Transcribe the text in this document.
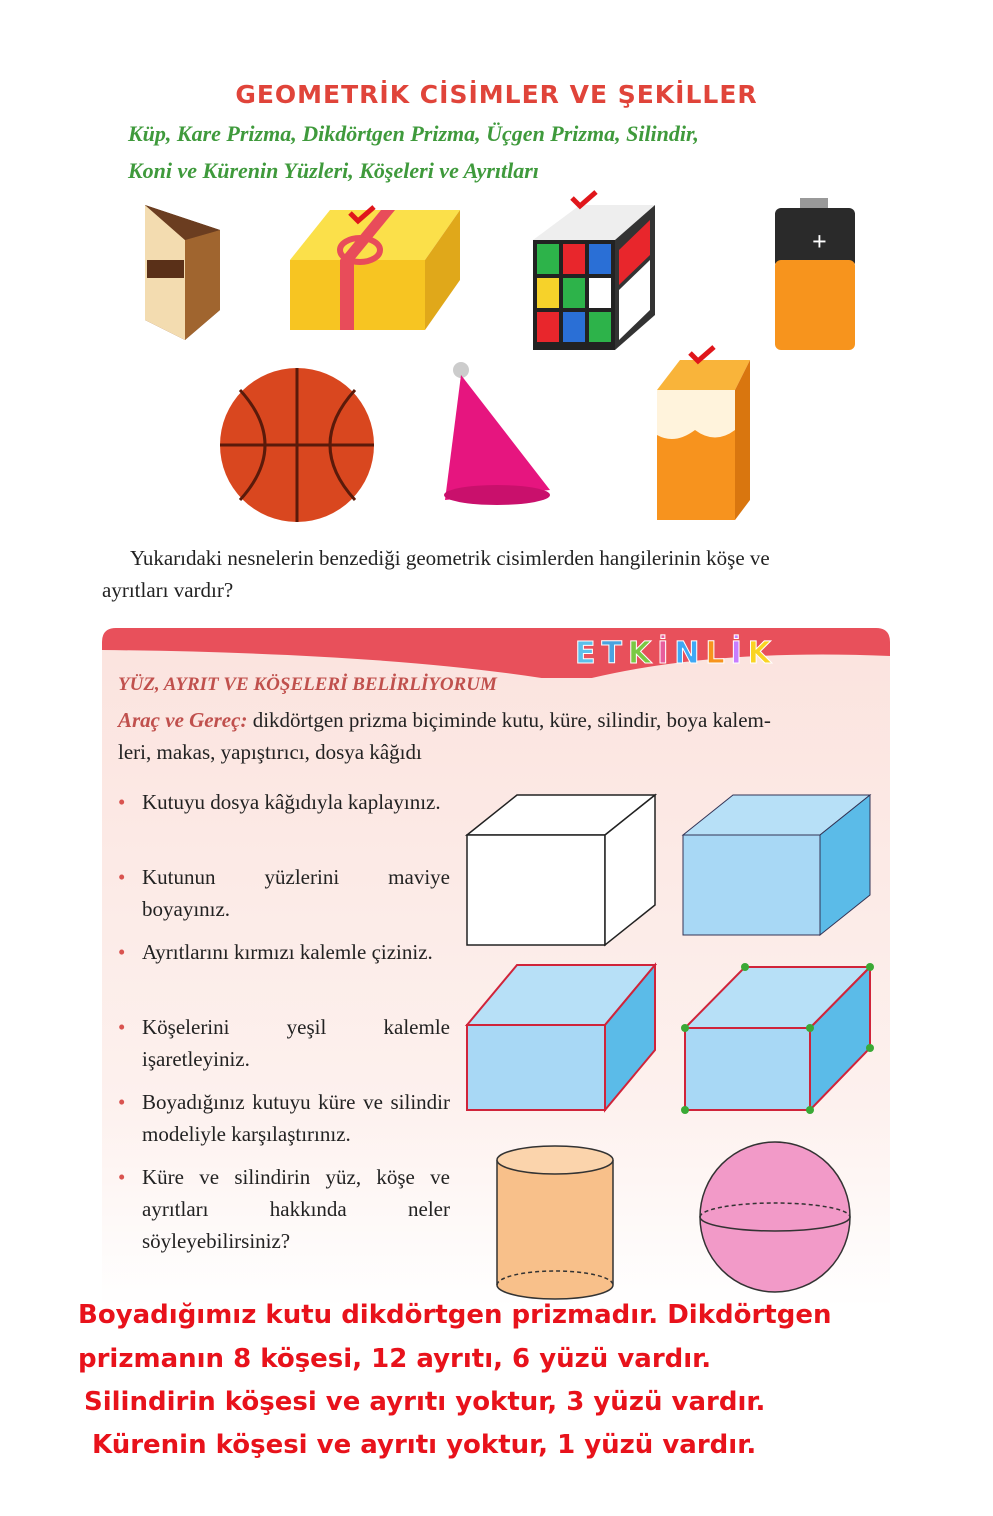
GEOMETRİK CİSİMLER VE ŞEKİLLER
Küp, Kare Prizma, Dikdörtgen Prizma, Üçgen Prizma, Silindir,
Koni ve Kürenin Yüzleri, Köşeleri ve Ayrıtları
+
Yukarıdaki nesnelerin benzediği geometrik cisimlerden hangilerinin köşe ve
ayrıtları vardır?
ETKİNLİK
YÜZ, AYRIT VE KÖŞELERİ BELİRLİYORUM
Araç ve Gereç: dikdörtgen prizma biçiminde kutu, küre, silindir, boya kalem-
leri, makas, yapıştırıcı, dosya kâğıdı
• Kutuyu dosya kâğıdıyla kaplayınız.
• Kutunun yüzlerini maviye boyayınız.
• Ayrıtlarını kırmızı kalemle çiziniz.
• Köşelerini yeşil kalemle işaretleyiniz.
• Boyadığınız kutuyu küre ve silindir modeliyle karşılaştırınız.
• Küre ve silindirin yüz, köşe ve ayrıtları hakkında neler söyleyebilirsiniz?
Boyadığımız kutu dikdörtgen prizmadır. Dikdörtgen
prizmanın 8 köşesi, 12 ayrıtı, 6 yüzü vardır.
Silindirin köşesi ve ayrıtı yoktur, 3 yüzü vardır.
Kürenin köşesi ve ayrıtı yoktur, 1 yüzü vardır.
